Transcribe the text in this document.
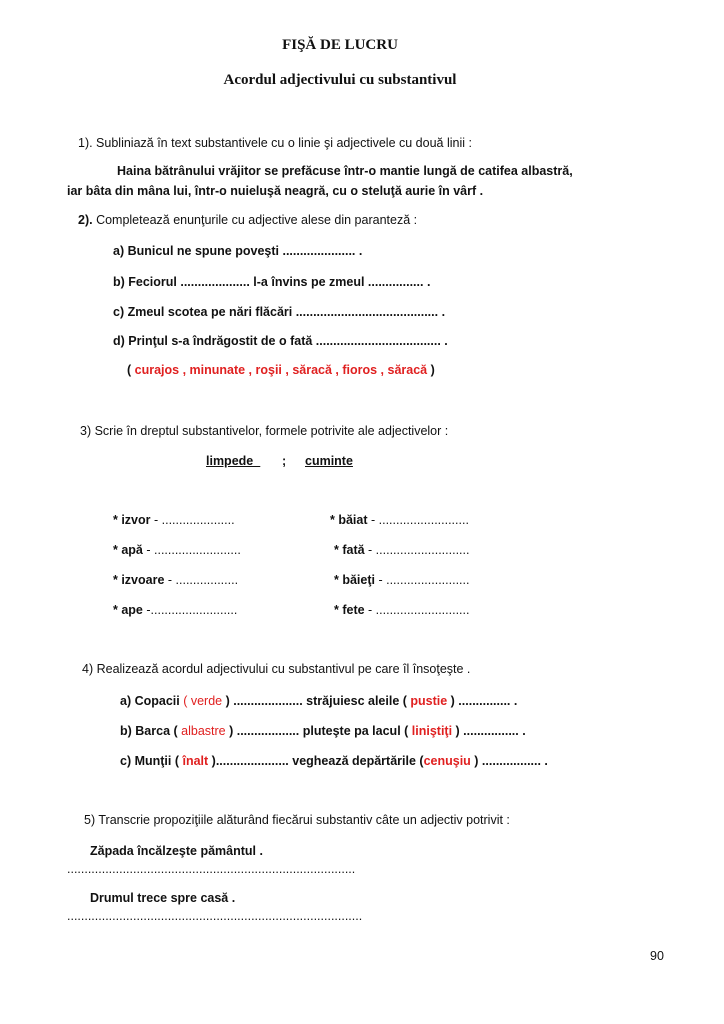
FIŞĂ DE LUCRU
Acordul adjectivului cu substantivul
1). Subliniază în text substantivele cu o linie şi adjectivele cu două linii :
Haina bătrânului vrăjitor se prefăcuse într-o mantie lungă de catifea albastră,
iar bâta din mâna lui, într-o nuieluşă neagră, cu o steluţă aurie în vârf .
2). Completează enunţurile cu adjective alese din paranteză :
a) Bunicul ne spune poveşti ..................... .
b) Feciorul .................... l-a învins pe zmeul ................ .
c) Zmeul scotea pe nări flăcări ......................................... .
d) Prinţul s-a îndrăgostit de o fată .................................... .
( curajos , minunate , roşii , săracă , fioros , săracă )
3) Scrie în dreptul substantivelor, formele potrivite ale adjectivelor :
limpede_ ; cuminte
* izvor - .....................
* apă - .........................
* izvoare - ..................
* ape -.........................
* băiat - ..........................
* fată - ...........................
* băieţi - ........................
* fete - ...........................
4) Realizează acordul adjectivului cu substantivul pe care îl însoţeşte .
a) Copacii ( verde ) .................... străjuiesc aleile ( pustie ) ............... .
b) Barca ( albastre ) .................. pluteşte pa lacul ( liniştiţi ) ................ .
c) Munţii ( înalt )..................... veghează depărtările (cenuşiu ) ................. .
5) Transcrie propoziţiile alăturând fiecărui substantiv câte un adjectiv potrivit :
Zăpada încălzeşte pământul .
...................................................................................
Drumul trece spre casă .
.....................................................................................
90
